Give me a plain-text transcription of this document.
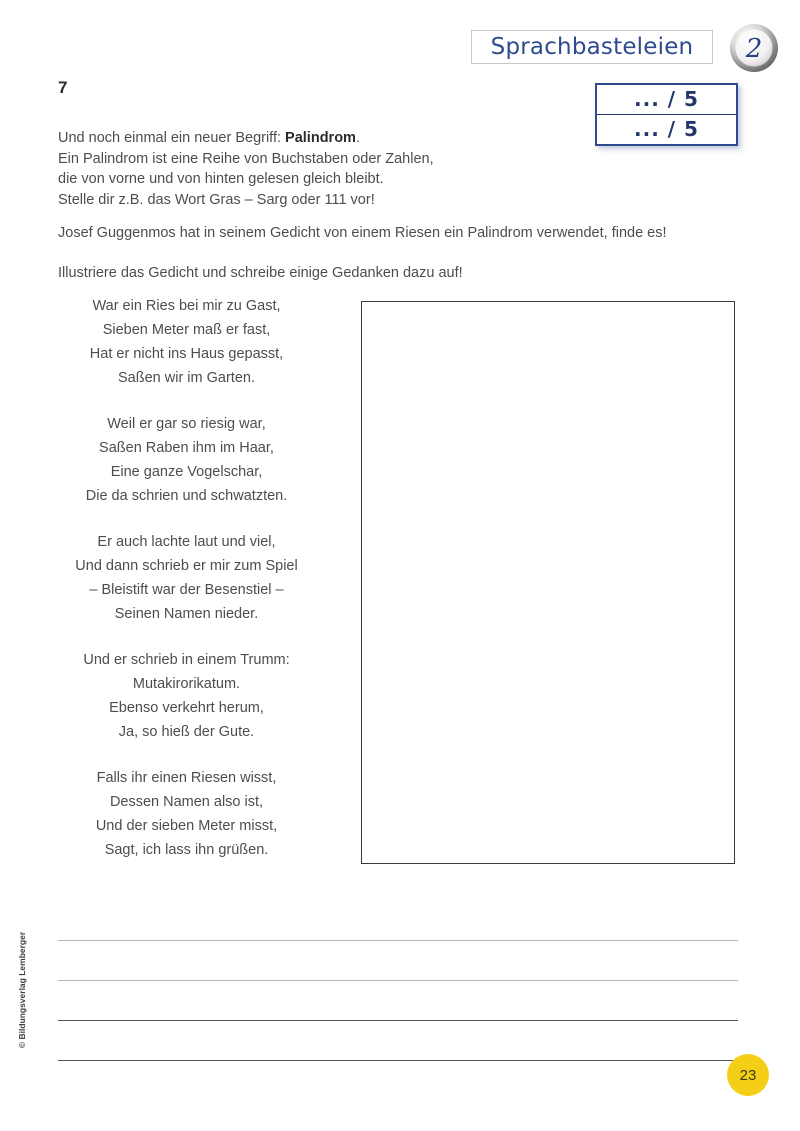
Sprachbasteleien	2
... / 5
... / 5
7
Und noch einmal ein neuer Begriff: Palindrom.
Ein Palindrom ist eine Reihe von Buchstaben oder Zahlen,
die von vorne und von hinten gelesen gleich bleibt.
Stelle dir z.B. das Wort Gras – Sarg oder 111 vor!
Josef Guggenmos hat in seinem Gedicht von einem Riesen ein Palindrom verwendet, finde es!
Illustriere das Gedicht und schreibe einige Gedanken dazu auf!
War ein Ries bei mir zu Gast,
Sieben Meter maß er fast,
Hat er nicht ins Haus gepasst,
Saßen wir im Garten.
Weil er gar so riesig war,
Saßen Raben ihm im Haar,
Eine ganze Vogelschar,
Die da schrien und schwatzten.
Er auch lachte laut und viel,
Und dann schrieb er mir zum Spiel
– Bleistift war der Besenstiel –
Seinen Namen nieder.
Und er schrieb in einem Trumm:
Mutakirorikatum.
Ebenso verkehrt herum,
Ja, so hieß der Gute.
Falls ihr einen Riesen wisst,
Dessen Namen also ist,
Und der sieben Meter misst,
Sagt, ich lass ihn grüßen.
© Bildungsverlag Lemberger
23
